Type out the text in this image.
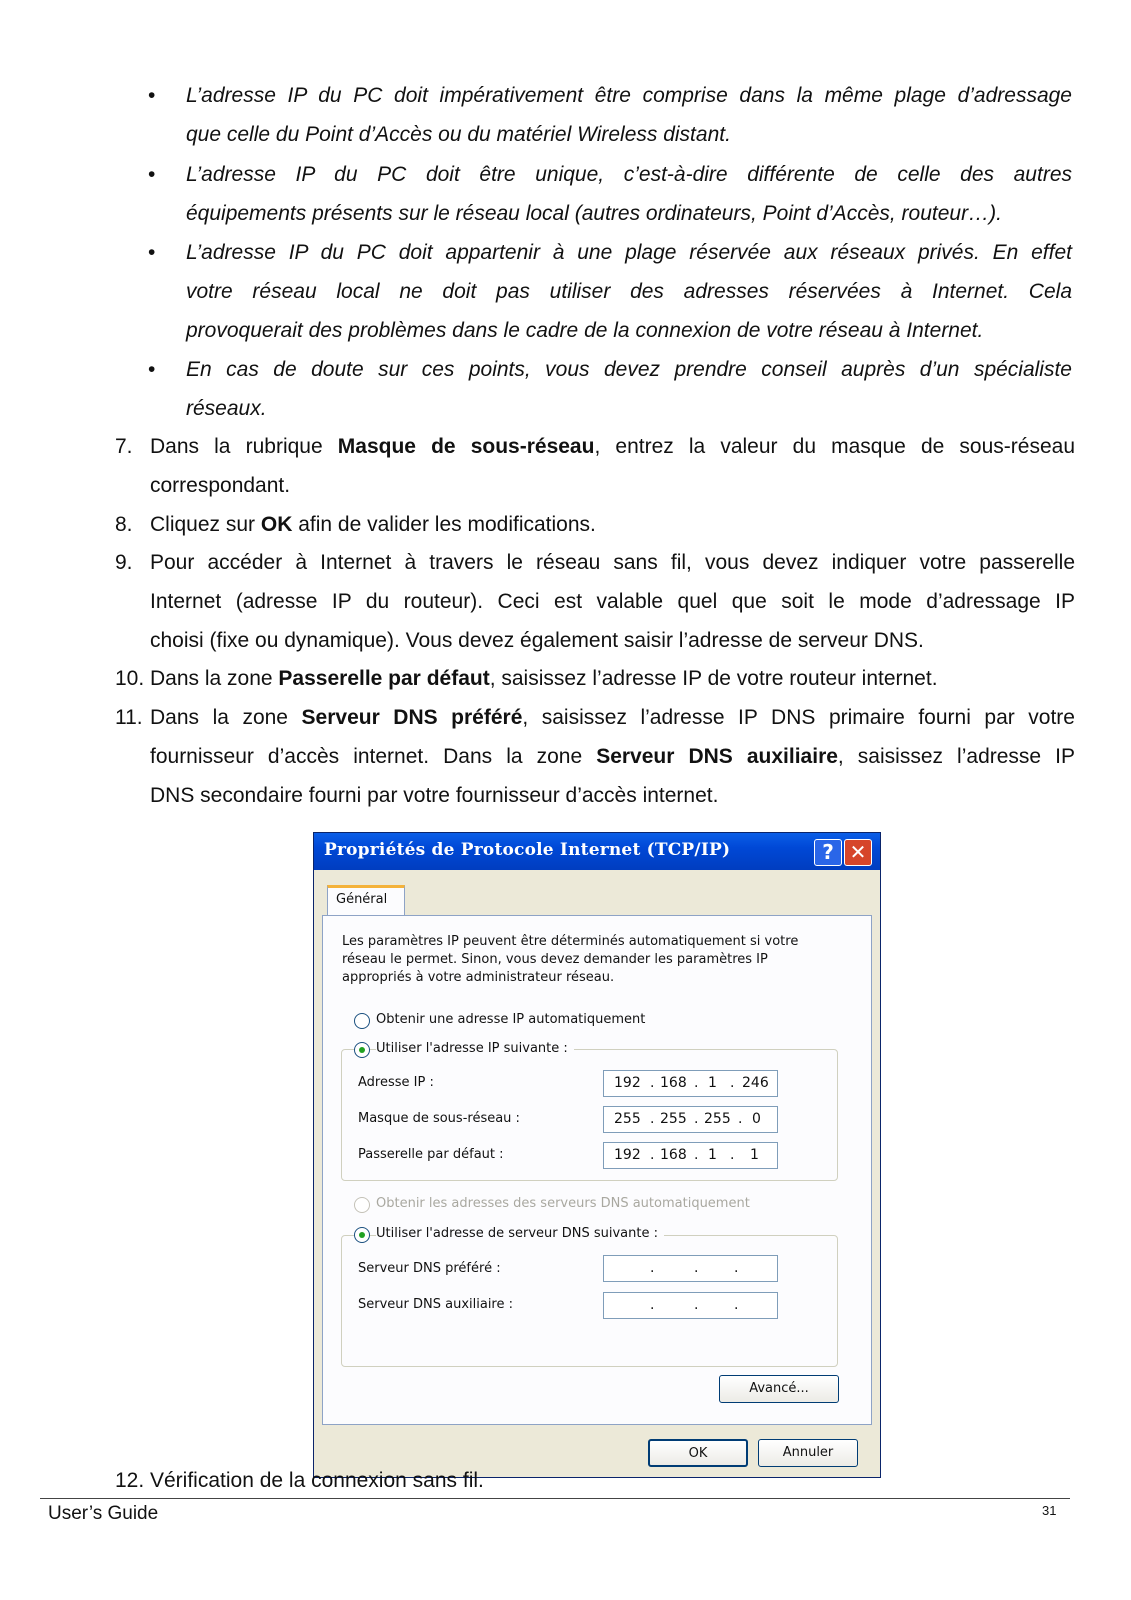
• L’adresse IP du PC doit impérativement être comprise dans la même plage d’adressage
que celle du Point d’Accès ou du matériel Wireless distant.
• L’adresse IP du PC doit être unique, c’est-à-dire différente de celle des autres
équipements présents sur le réseau local (autres ordinateurs, Point d’Accès, routeur…).
• L’adresse IP du PC doit appartenir à une plage réservée aux réseaux privés. En effet
votre réseau local ne doit pas utiliser des adresses réservées à Internet. Cela
provoquerait des problèmes dans le cadre de la connexion de votre réseau à Internet.
• En cas de doute sur ces points, vous devez prendre conseil auprès d’un spécialiste
réseaux.
7. Dans la rubrique Masque de sous-réseau, entrez la valeur du masque de sous-réseau
correspondant.
8. Cliquez sur OK afin de valider les modifications.
9. Pour accéder à Internet à travers le réseau sans fil, vous devez indiquer votre passerelle
Internet (adresse IP du routeur). Ceci est valable quel que soit le mode d’adressage IP
choisi (fixe ou dynamique). Vous devez également saisir l’adresse de serveur DNS.
10. Dans la zone Passerelle par défaut, saisissez l’adresse IP de votre routeur internet.
11. Dans la zone Serveur DNS préféré, saisissez l’adresse IP DNS primaire fourni par votre
fournisseur d’accès internet. Dans la zone Serveur DNS auxiliaire, saisissez l’adresse IP
DNS secondaire fourni par votre fournisseur d’accès internet.
Propriétés de Protocole Internet (TCP/IP)	? ✕
Général
Les paramètres IP peuvent être déterminés automatiquement si votre
réseau le permet. Sinon, vous devez demander les paramètres IP
appropriés à votre administrateur réseau.
Obtenir une adresse IP automatiquement
Utiliser l'adresse IP suivante :
Adresse IP :	192 . 168 . 1 . 246
Masque de sous-réseau :	255 . 255 . 255 . 0
Passerelle par défaut :	192 . 168 . 1 . 1
Obtenir les adresses des serveurs DNS automatiquement
Utiliser l'adresse de serveur DNS suivante :
Serveur DNS préféré :	.	.	.
Serveur DNS auxiliaire :	.	.	.
Avancé...
OK	Annuler
12. Vérification de la connexion sans fil.
User’s Guide	31
